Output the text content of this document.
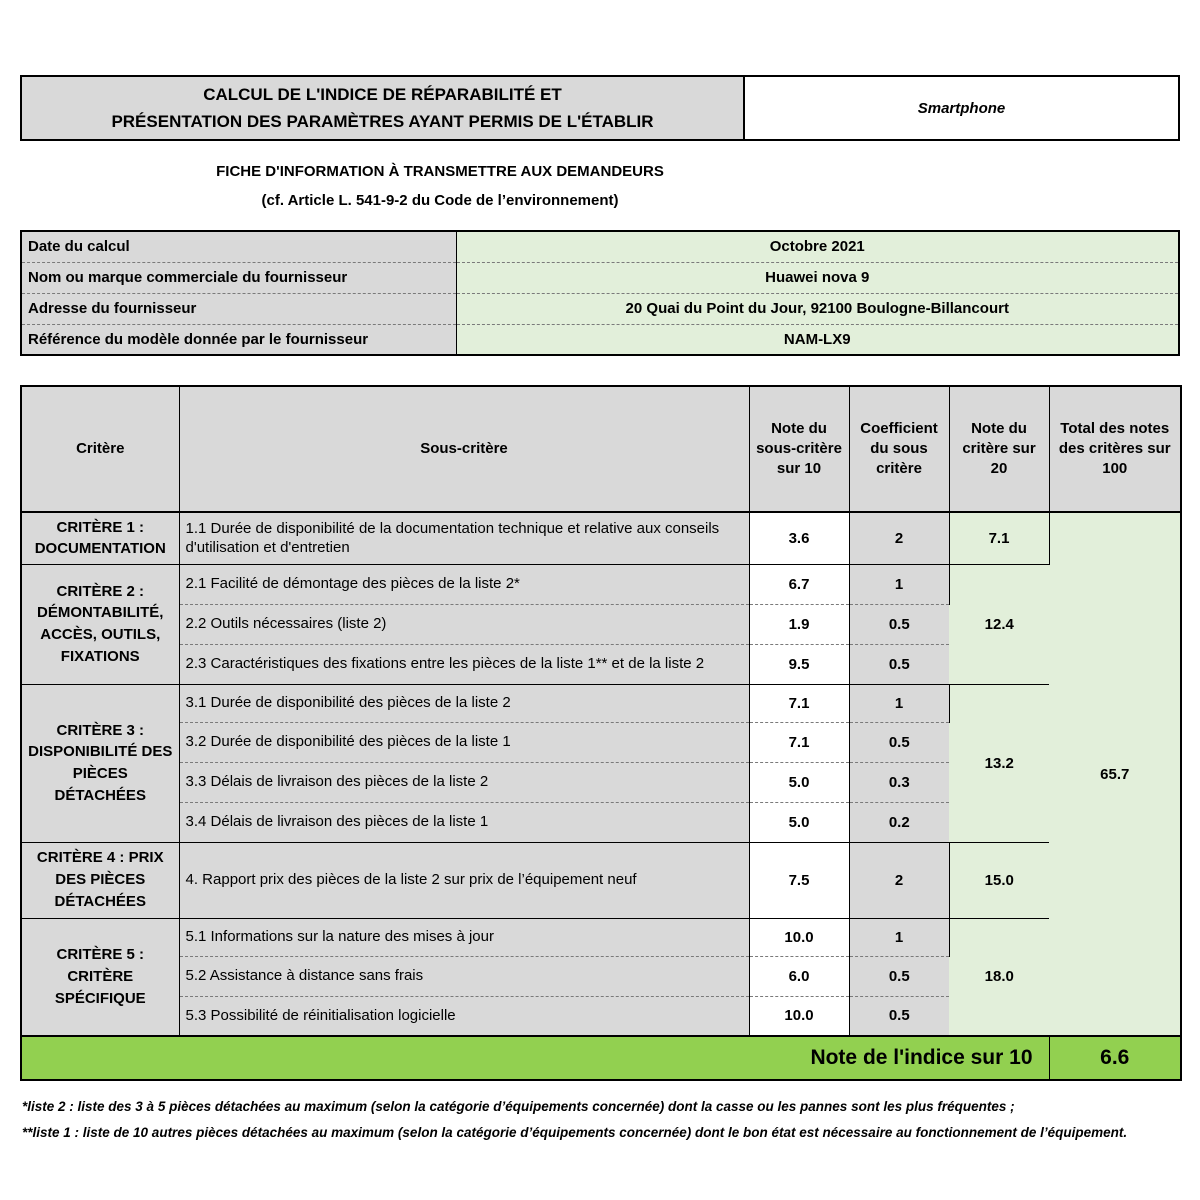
CALCUL DE L'INDICE DE RÉPARABILITÉ ET
PRÉSENTATION DES PARAMÈTRES AYANT PERMIS DE L'ÉTABLIR
Smartphone
FICHE D'INFORMATION À TRANSMETTRE AUX DEMANDEURS
(cf. Article L. 541-9-2 du Code de l’environnement)
Date du calcul	Octobre 2021
Nom ou marque commerciale du fournisseur	Huawei nova 9
Adresse du fournisseur	20 Quai du Point du Jour, 92100 Boulogne-Billancourt
Référence du modèle donnée par le fournisseur	NAM-LX9
Critère	Sous-critère	Note du sous-critère sur 10	Coefficient du sous critère	Note du critère sur 20	Total des notes des critères sur 100
CRITÈRE 1 : DOCUMENTATION	1.1 Durée de disponibilité de la documentation technique et relative aux conseils d'utilisation et d'entretien	3.6	2	7.1	65.7
CRITÈRE 2 : DÉMONTABILITÉ, ACCÈS, OUTILS, FIXATIONS	2.1 Facilité de démontage des pièces de la liste 2*	6.7	1	12.4	
	2.2 Outils nécessaires (liste 2)	1.9	0.5		
	2.3 Caractéristiques des fixations entre les pièces de la liste 1** et de la liste 2	9.5	0.5		
CRITÈRE 3 : DISPONIBILITÉ DES PIÈCES DÉTACHÉES	3.1 Durée de disponibilité des pièces de la liste 2	7.1	1	13.2	
	3.2 Durée de disponibilité des pièces de la liste 1	7.1	0.5		
	3.3 Délais de livraison des pièces de la liste 2	5.0	0.3		
	3.4 Délais de livraison des pièces de la liste 1	5.0	0.2		
CRITÈRE 4 : PRIX DES PIÈCES DÉTACHÉES	4. Rapport prix des pièces de la liste 2 sur prix de l’équipement neuf	7.5	2	15.0	
CRITÈRE 5 : CRITÈRE SPÉCIFIQUE	5.1 Informations sur la nature des mises à jour	10.0	1	18.0	
	5.2 Assistance à distance sans frais	6.0	0.5		
	5.3 Possibilité de réinitialisation logicielle	10.0	0.5		
Note de l'indice sur 10					6.6
*liste 2 : liste des 3 à 5 pièces détachées au maximum (selon la catégorie d’équipements concernée) dont la casse ou les pannes sont les plus fréquentes ;
**liste 1 : liste de 10 autres pièces détachées au maximum (selon la catégorie d’équipements concernée) dont le bon état est nécessaire au fonctionnement de l’équipement.
